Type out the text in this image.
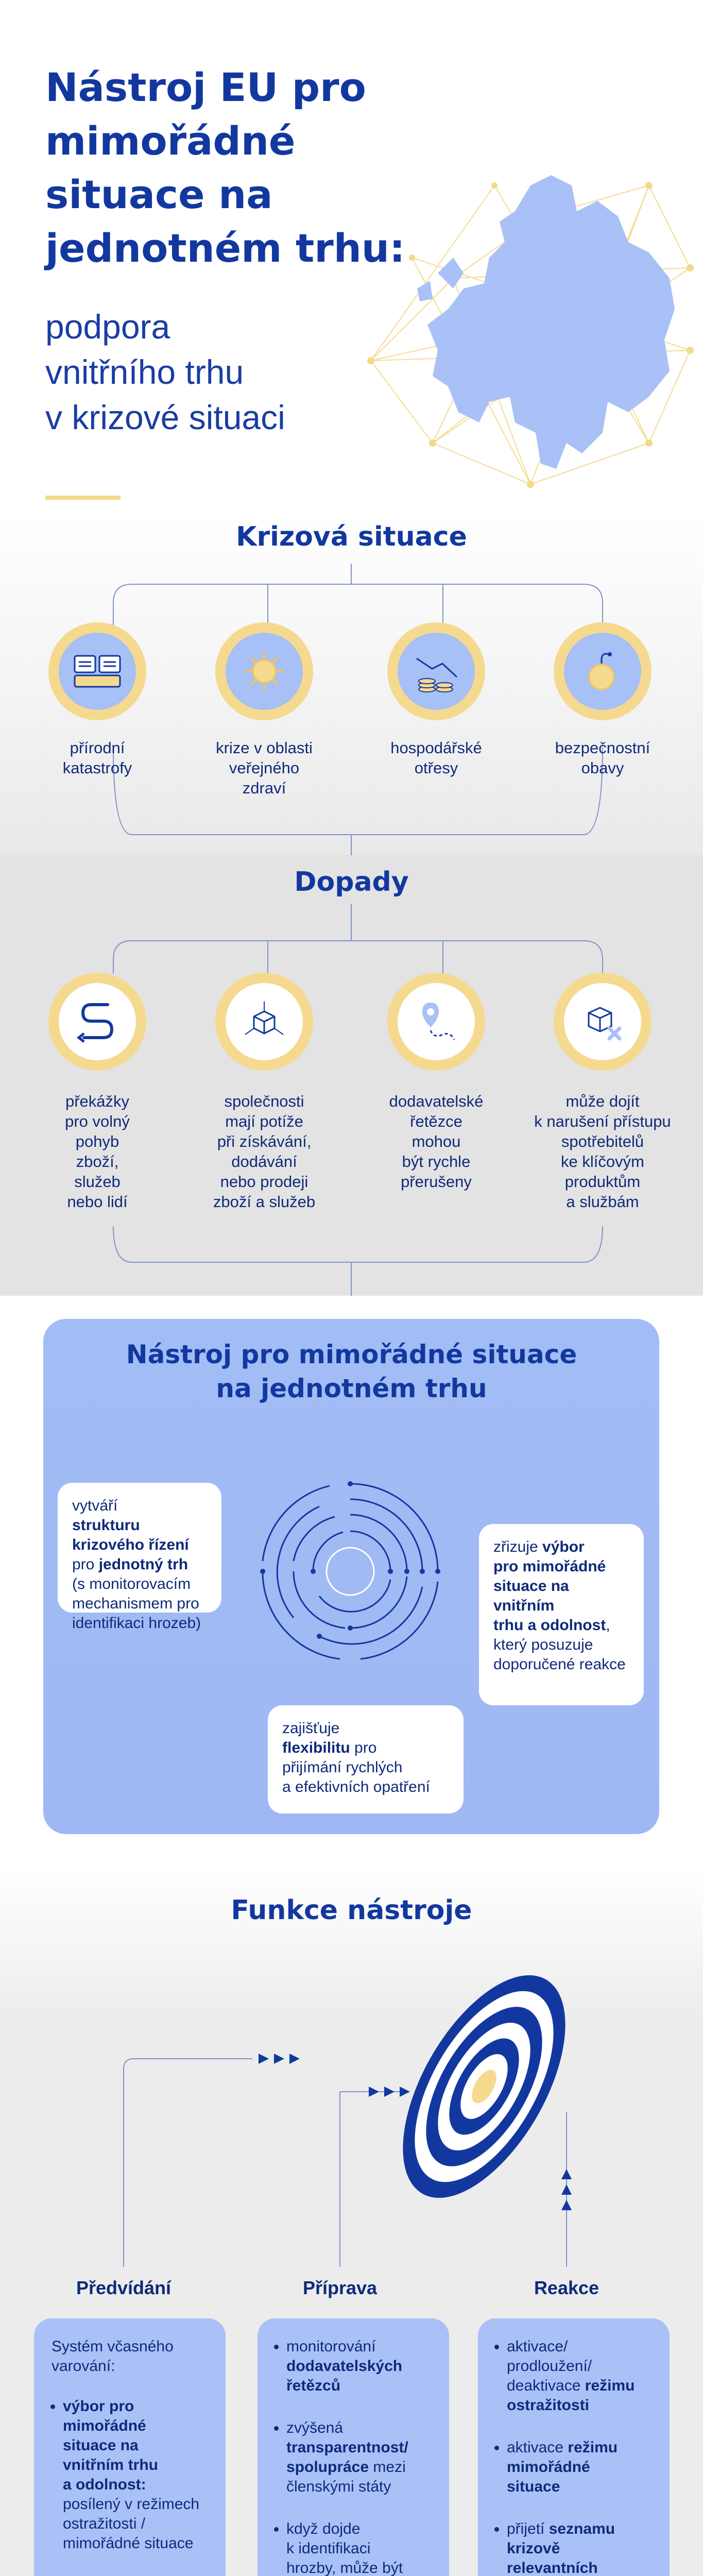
Nástroj EU pro
mimořádné
situace na
jednotném trhu:

podpora
vnitřního trhu
v krizové situaci

Krizová situace
přírodní
katastrofy
krize v oblasti
veřejného
zdraví
hospodářské
otřesy
bezpečnostní
obavy
Dopady
překážky
pro volný
pohyb
zboží,
služeb
nebo lidí
společnosti
mají potíže
při získávání,
dodávání
nebo prodeji
zboží a služeb
dodavatelské
řetězce
mohou
být rychle
přerušeny
může dojít
k narušení přístupu
spotřebitelů
ke klíčovým
produktům
a službám
Nástroj pro mimořádné situace
na jednotném trhu
vytváří
strukturu
krizového řízení
pro jednotný trh
(s monitorovacím
mechanismem pro
identifikaci hrozeb)
zřizuje výbor
pro mimořádné
situace na vnitřním
trhu a odolnost,
který posuzuje
doporučené reakce
zajišťuje
flexibilitu pro
přijímání rychlých
a efektivních opatření
Funkce nástroje
Předvídání	Příprava	Reakce
Systém včasného
varování:
• výbor pro
mimořádné
situace na
vnitřním trhu
a odolnost:
posílený v režimech
ostražitosti /
mimořádné situace

• monitorování
dodavatelských
řetězců
• zvýšená
transparentnost/
spolupráce mezi
členskými státy
• když dojde
k identifikaci
hrozby, může být

• aktivace/
prodloužení/
deaktivace režimu
ostražitosti
• aktivace režimu
mimořádné
situace
• přijetí seznamu
krizově
relevantních
